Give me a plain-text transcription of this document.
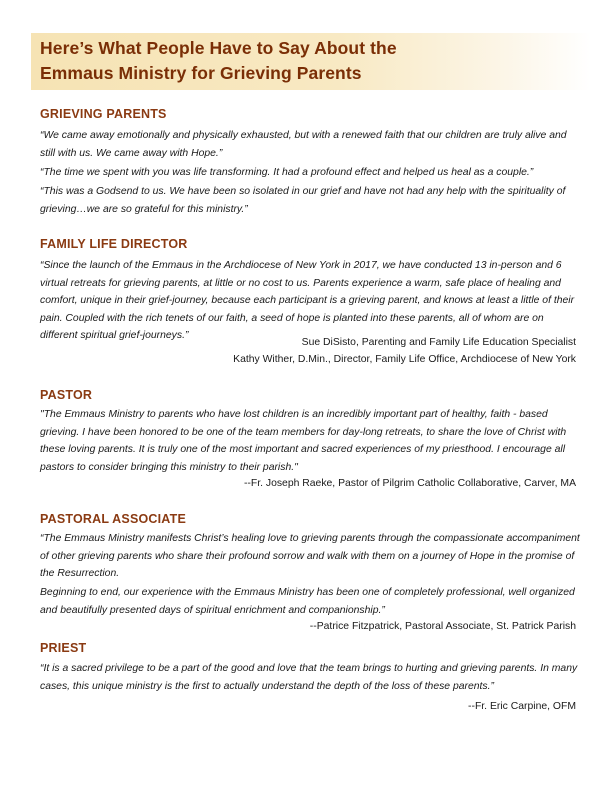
Here’s What People Have to Say About the
Emmaus Ministry for Grieving Parents
GRIEVING PARENTS
“We came away emotionally and physically exhausted, but with a renewed faith that our children are truly alive and still with us. We came away with Hope.”
“The time we spent with you was life transforming. It had a profound effect and helped us heal as a couple.”
“This was a Godsend to us. We have been so isolated in our grief and have not had any help with the spirituality of grieving…we are so grateful for this ministry.”
FAMILY LIFE DIRECTOR
“Since the launch of the Emmaus in the Archdiocese of New York in 2017, we have conducted 13 in-person and 6 virtual retreats for grieving parents, at little or no cost to us. Parents experience a warm, safe place of healing and comfort, unique in their grief-journey, because each participant is a grieving parent, and knows at least a little of their pain. Coupled with the rich tenets of our faith, a seed of hope is planted into these parents, all of whom are on different spiritual grief-journeys.”
Sue DiSisto, Parenting and Family Life Education Specialist
Kathy Wither, D.Min., Director, Family Life Office, Archdiocese of New York
PASTOR
"The Emmaus Ministry to parents who have lost children is an incredibly important part of healthy, faith - based grieving. I have been honored to be one of the team members for day-long retreats, to share the love of Christ with these loving parents. It is truly one of the most important and sacred experiences of my priesthood. I encourage all pastors to consider bringing this ministry to their parish."
--Fr. Joseph Raeke, Pastor of Pilgrim Catholic Collaborative, Carver, MA
PASTORAL ASSOCIATE
“The Emmaus Ministry manifests Christ’s healing love to grieving parents through the compassionate accompaniment of other grieving parents who share their profound sorrow and walk with them on a journey of Hope in the promise of the Resurrection.
Beginning to end, our experience with the Emmaus Ministry has been one of completely professional, well organized and beautifully presented days of spiritual enrichment and companionship.”
--Patrice Fitzpatrick, Pastoral Associate, St. Patrick Parish
PRIEST
“It is a sacred privilege to be a part of the good and love that the team brings to hurting and grieving parents. In many cases, this unique ministry is the first to actually understand the depth of the loss of these parents.”
--Fr. Eric Carpine, OFM
